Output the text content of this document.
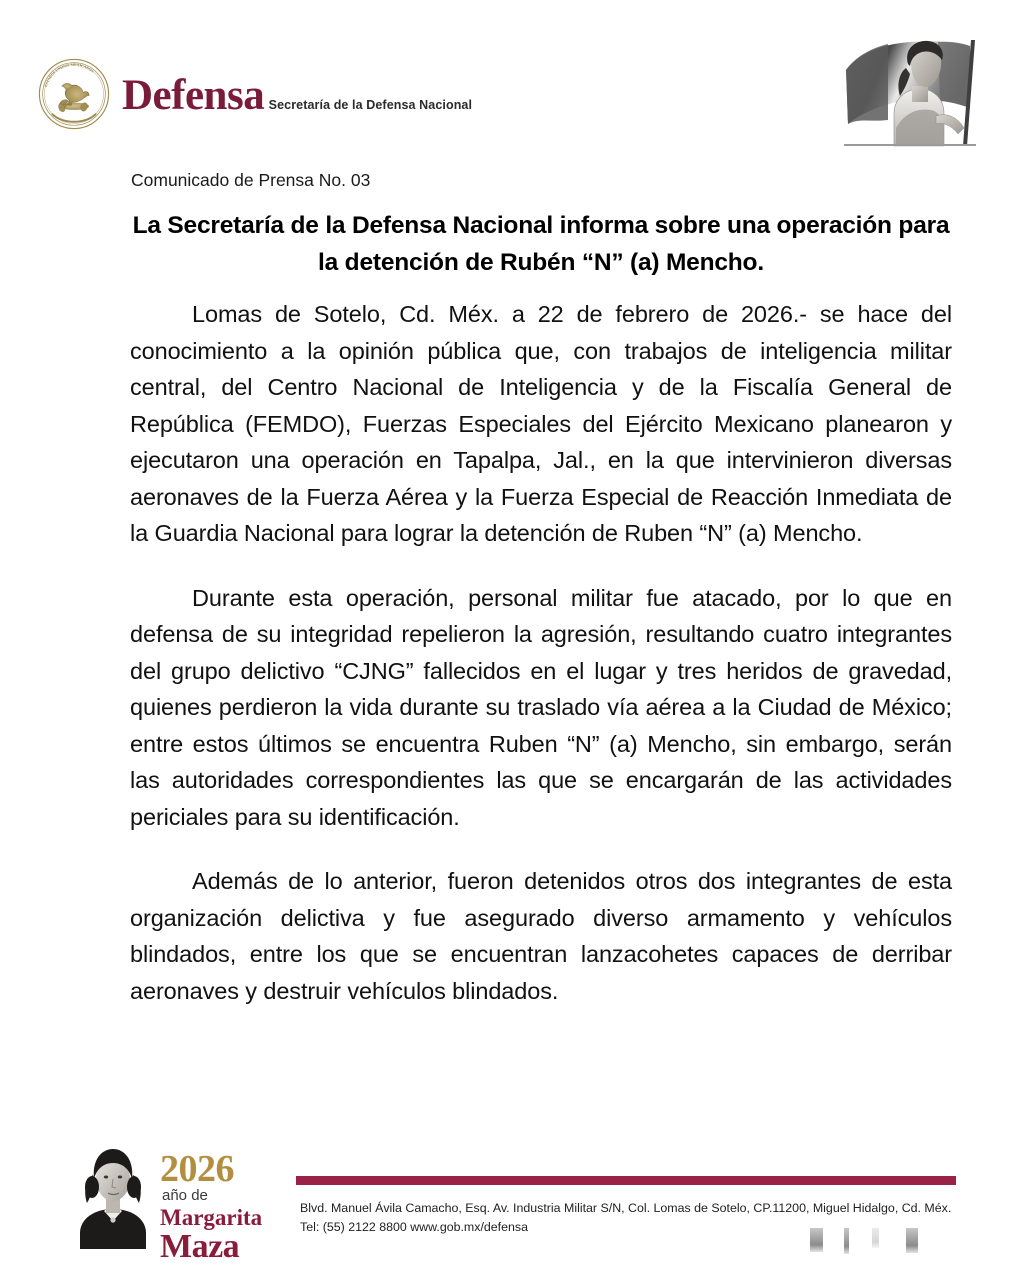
ESTADOS UNIDOS MEXICANOS
Defensa Secretaría de la Defensa Nacional
Comunicado de Prensa No. 03
La Secretaría de la Defensa Nacional informa sobre una operación para la detención de Rubén “N” (a) Mencho.

Lomas de Sotelo, Cd. Méx. a 22 de febrero de 2026.- se hace del conocimiento a la opinión pública que, con trabajos de inteligencia militar central, del Centro Nacional de Inteligencia y de la Fiscalía General de República (FEMDO), Fuerzas Especiales del Ejército Mexicano planearon y ejecutaron una operación en Tapalpa, Jal., en la que intervinieron diversas aeronaves de la Fuerza Aérea y la Fuerza Especial de Reacción Inmediata de la Guardia Nacional para lograr la detención de Ruben “N” (a) Mencho.

Durante esta operación, personal militar fue atacado, por lo que en defensa de su integridad repelieron la agresión, resultando cuatro integrantes del grupo delictivo “CJNG” fallecidos en el lugar y tres heridos de gravedad, quienes perdieron la vida durante su traslado vía aérea a la Ciudad de México; entre estos últimos se encuentra Ruben “N” (a) Mencho, sin embargo, serán las autoridades correspondientes las que se encargarán de las actividades periciales para su identificación.

Además de lo anterior, fueron detenidos otros dos integrantes de esta organización delictiva y fue asegurado diverso armamento y vehículos blindados, entre los que se encuentran lanzacohetes capaces de derribar aeronaves y destruir vehículos blindados.

2026
año de
Margarita
Maza
Blvd. Manuel Ávila Camacho, Esq. Av. Industria Militar S/N, Col. Lomas de Sotelo, CP.11200, Miguel Hidalgo, Cd. Méx.
Tel: (55) 2122 8800 www.gob.mx/defensa
